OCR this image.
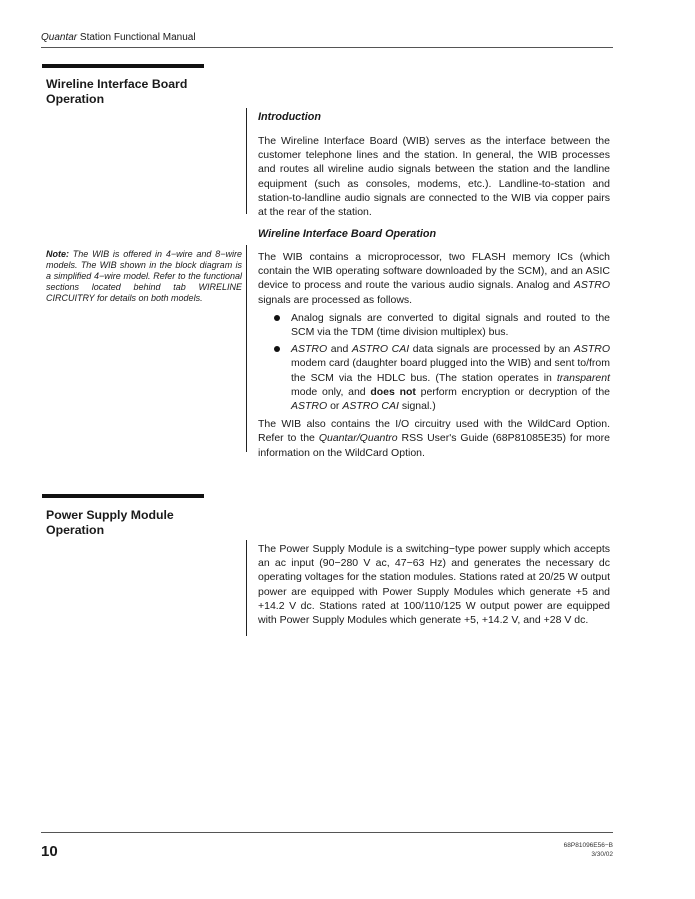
Quantar Station Functional Manual
Wireline Interface Board
Operation
Introduction
The Wireline Interface Board (WIB) serves as the interface between the customer telephone lines and the station. In general, the WIB processes and routes all wireline audio signals between the station and the landline equipment (such as consoles, modems, etc.). Landline-to-station and station-to-landline audio signals are connected to the WIB via copper pairs at the rear of the station.
Wireline Interface Board Operation
Note: The WIB is offered in 4−wire and 8−wire models. The WIB shown in the block diagram is a simplified 4−wire model. Refer to the functional sections located behind tab WIRELINE CIRCUITRY for details on both models.
The WIB contains a microprocessor, two FLASH memory ICs (which contain the WIB operating software downloaded by the SCM), and an ASIC device to process and route the various audio signals. Analog and ASTRO signals are processed as follows.
Analog signals are converted to digital signals and routed to the SCM via the TDM (time division multiplex) bus.
ASTRO and ASTRO CAI data signals are processed by an ASTRO modem card (daughter board plugged into the WIB) and sent to/from the SCM via the HDLC bus. (The station operates in transparent mode only, and does not perform encryption or decryption of the ASTRO or ASTRO CAI signal.)
The WIB also contains the I/O circuitry used with the WildCard Option. Refer to the Quantar/Quantro RSS User's Guide (68P81085E35) for more information on the WildCard Option.
Power Supply Module
Operation
The Power Supply Module is a switching−type power supply which accepts an ac input (90−280 V ac, 47−63 Hz) and generates the necessary dc operating voltages for the station modules. Stations rated at 20/25 W output power are equipped with Power Supply Modules which generate +5 and +14.2 V dc. Stations rated at 100/110/125 W output power are equipped with Power Supply Modules which generate +5, +14.2 V, and +28 V dc.
10	68P81096E56−B
3/30/02
